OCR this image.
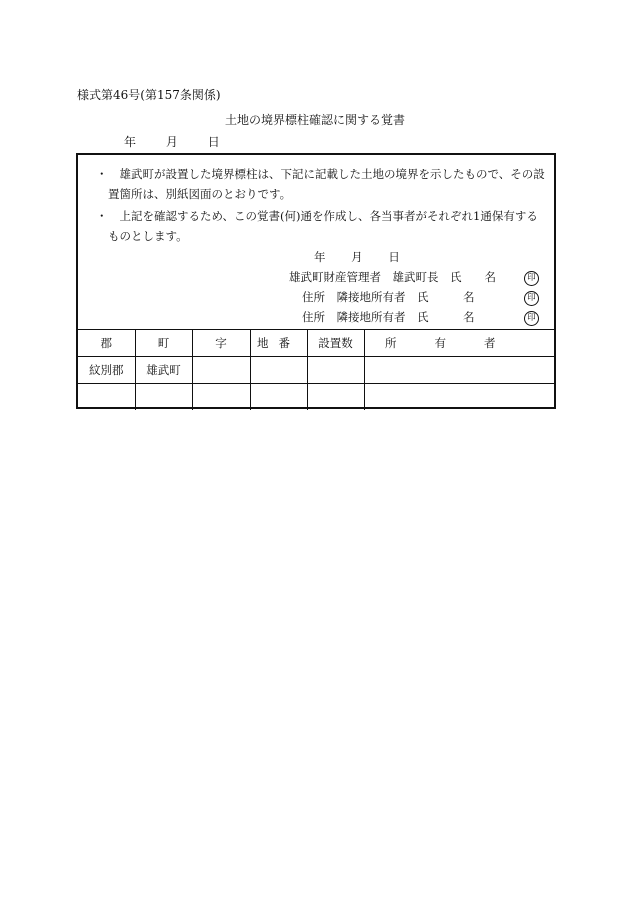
様式第46号(第157条関係)
土地の境界標柱確認に関する覚書
年 月 日
・	雄武町が設置した境界標柱は、下記に記載した土地の境界を示したもので、その設置箇所は、別紙図面のとおりです。
・	上記を確認するため、この覚書(何)通を作成し、各当事者がそれぞれ1通保有するものとします。
年 月 日
雄武町財産管理者　雄武町長　氏　　名	印
住所　隣接地所有者　氏　　　名	印
住所　隣接地所有者　氏　　　名	印
郡	町	字	地番	設置数	所有者
紋別郡	雄武町				
